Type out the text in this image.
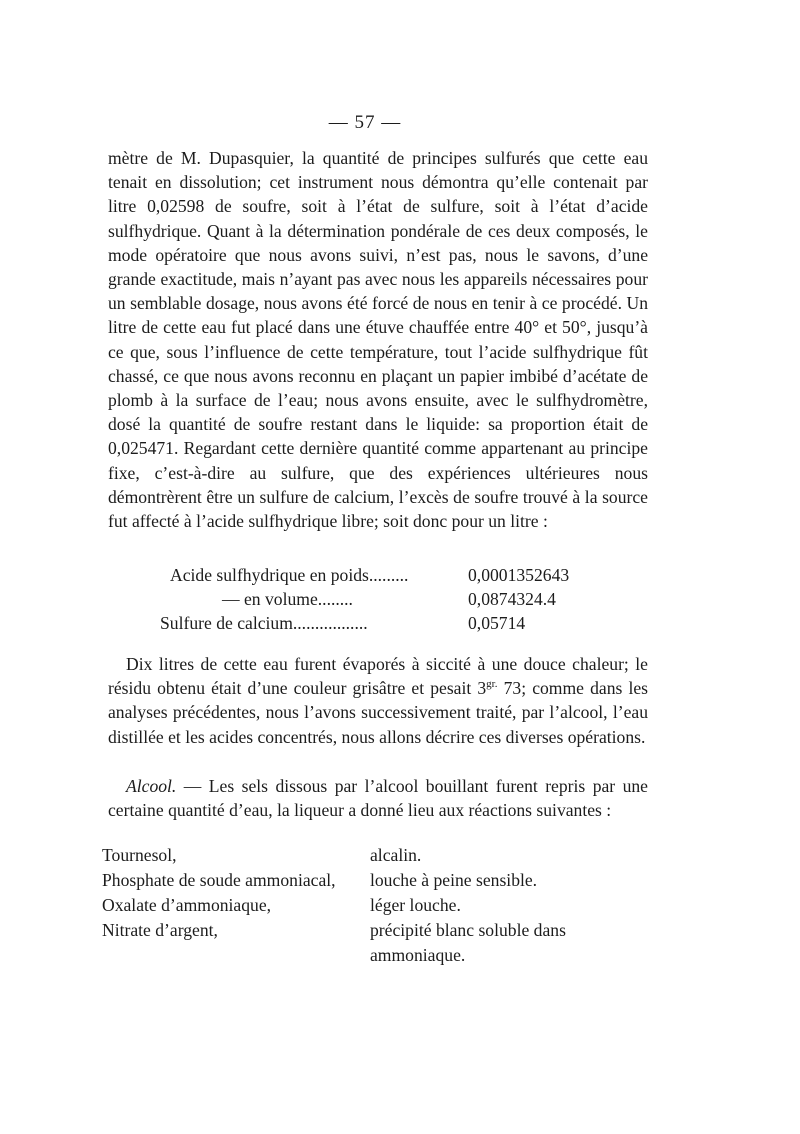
— 57 —
mètre de M. Dupasquier, la quantité de principes sulfurés que cette eau tenait en dissolution; cet instrument nous démontra qu’elle contenait par litre 0,02598 de soufre, soit à l’état de sulfure, soit à l’état d’acide sulfhydrique. Quant à la détermination pondérale de ces deux composés, le mode opératoire que nous avons suivi, n’est pas, nous le savons, d’une grande exactitude, mais n’ayant pas avec nous les appareils nécessaires pour un semblable dosage, nous avons été forcé de nous en tenir à ce procédé. Un litre de cette eau fut placé dans une étuve chauffée entre 40° et 50°, jusqu’à ce que, sous l’influence de cette température, tout l’acide sulfhydrique fût chassé, ce que nous avons reconnu en plaçant un papier imbibé d’acétate de plomb à la surface de l’eau; nous avons ensuite, avec le sulfhydromètre, dosé la quantité de soufre restant dans le liquide: sa proportion était de 0,025471. Regardant cette dernière quantité comme appartenant au principe fixe, c’est-à-dire au sulfure, que des expériences ultérieures nous démontrèrent être un sulfure de calcium, l’excès de soufre trouvé à la source fut affecté à l’acide sulfhydrique libre; soit donc pour un litre :
Acide sulfhydrique en poids.........	0,0001352643
— en volume........	0,0874324.4
Sulfure de calcium.................	0,05714
Dix litres de cette eau furent évaporés à siccité à une douce chaleur; le résidu obtenu était d’une couleur grisâtre et pesait $3^{gr.}$ 73; comme dans les analyses précédentes, nous l’avons successivement traité, par l’alcool, l’eau distillée et les acides concentrés, nous allons décrire ces diverses opérations.
Alcool. — Les sels dissous par l’alcool bouillant furent repris par une certaine quantité d’eau, la liqueur a donné lieu aux réactions suivantes :
Tournesol,	alcalin.
Phosphate de soude ammoniacal,	louche à peine sensible.
Oxalate d’ammoniaque,	léger louche.
Nitrate d’argent,	précipité blanc soluble dans ammoniaque.
